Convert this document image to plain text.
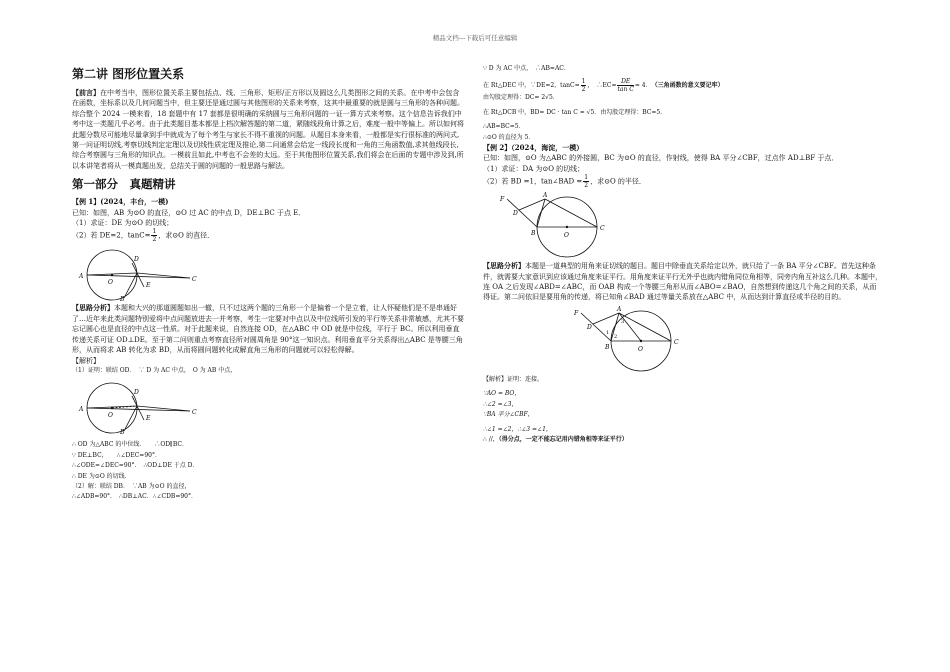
精品文档---下载后可任意编辑
第二讲 图形位置关系

【前言】在中考当中，图形位置关系主要包括点、线、三角形、矩形/正方形以及圆这么几类图形之间的关系。在中考中会包含在函数，坐标系以及几何问题当中，但主要还是通过圆与其他图形的关系来考察，这其中最重要的就是圆与三角形的各种问题。综合整个 2024 一模来看，18 套题中有 17 套都是很明确的采纳圆与三角形问题的一证一算方式来考察。这个信息告诉我们中考中这一类题几乎必考。由于此类题目基本都是上档次解答题的第二道，紧随线段角计算之后，难度一般中等偏上。所以如何将此题分数尽可能地尽量拿到手中就成为了每个考生与家长不得不重视的问题。从题目本身来看，一般都是实行很标准的两问式,第一问证明切线,考察切线判定定理以及切线性质定理及推论,第二问通常会给定一线段长度和一角的三角函数值,求其他线段长,综合考察圆与三角形的知识点。一模前且如此,中考也不会差的太远。至于其他图形位置关系,我们将会在后面的专题中涉及到,所以本讲笔者将从一模真题出发，总结关于圆的问题的一般思路与解法。

第一部分　真题精讲

【例 1】(2024，丰台，一模)

已知：如图，AB 为⊙O 的直径，⊙O 过 AC 的中点 D，DE⊥BC 于点 E．

（1）求证：DE 为⊙O 的切线；

（2）若 DE=2，$\tan C= \frac{1}{2}$ ，求⊙O 的直径．

A
D
C
O	E
B

【思路分析】本题和大兴的那道圆题如出一辙，只不过这两个题的三角形一个是偏着一个是立着，让人怀疑他们是不是串通好了…近年来此类问题特别爱将中点问题放进去一并考察，考生一定要对中点以及中位线所引发的平行等关系非常敏感，尤其不要忘记圆心也是直径的中点这一性质。对于此题来说，自然连接 OD，在△ABC 中 OD 就是中位线，平行于 BC。所以利用垂直传递关系可证 OD⊥DE。至于第二问则重点考察直径所对圆周角是 90°这一知识点。利用垂直平分关系得出△ABC 是等腰三角形，从而将求 AB 转化为求 BD，从而将圆问题转化成解直角三角形的问题就可以轻松得解。

【解析】

（1）证明：联结 OD．　∵ D 为 AC 中点，　O 为 AB 中点，

A
D
C
O	E
B

∴ OD 为△ABC 的中位线．　　∴OD∥BC．

∵ DE⊥BC，　　∴∠DEC=90°．

∴∠ODE=∠DEC=90°．　∴OD⊥DE 于点 D．

∴ DE 为⊙O 的切线．

（2）解：联结 DB．　∵AB 为⊙O 的直径，

∴∠ADB=90°．　∴DB⊥AC．∴∠CDB=90°．

∵ D 为 AC 中点，　∴AB=AC．

在 Rt△DEC 中，∵DE=2，$\tan C= \frac{1}{2}$ ，　∴EC= $\frac{DE}{\text{tan C}} = 4$．　 （三角函数的意义要记牢）

由勾股定理得：DC= 2√5．

在 Rt△DCB 中，BD= DC · tan C = √5．由勾股定理得：BC=5．

∴AB=BC=5．

∴⊙O 的直径为 5．

【例 2】（2024，海淀，一模）

已知：如图，⊙O 为△ABC 的外接圆，BC 为⊙O 的直径，作射线，使得 BA 平分∠CBF，过点作 AD⊥BF 于点．

（1）求证：DA 为⊙O 的切线；

（2）若 BD =1，tan∠BAD = $\frac{1}{2}$ ，求⊙O 的半径．

F
A
D
B	O
C

【思路分析】本题是一道典型的用角来证切线的题目。题目中除垂直关系给定以外，就只给了一条 BA 平分∠CBF。首先这种条件，就需要大家意识到应该通过角度来证平行。用角度来证平行无外乎也就内错角同位角相等，同旁内角互补这么几种。本题中，连 OA 之后发现∠ABD=∠ABC，而 OAB 构成一个等腰三角形从而∠ABO=∠BAO，自然想到传递这几个角之间的关系，从而得证。第二问依旧是要用角的传递，将已知角∠BAD 通过等量关系放在△ABC 中，从而达到计算直径或半径的目的。

F
A
D
B	O
C
1
2
3

【解析】证明：连接。

∵AO = BO，

∴∠2 =∠3，

∵BA 平分∠CBF，

∴∠1 =∠2，∴∠3 =∠1，

∴ //，（得分点，一定不能忘记用内错角相等来证平行）
